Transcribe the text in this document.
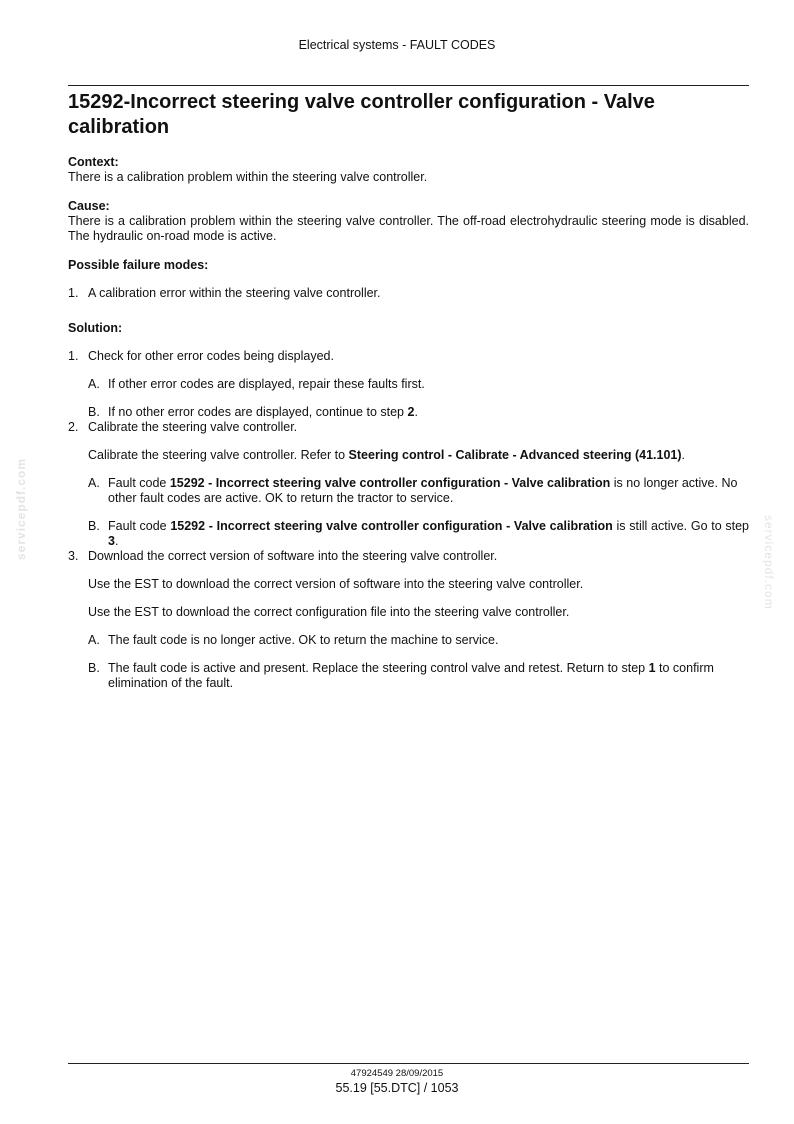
Electrical systems - FAULT CODES
15292-Incorrect steering valve controller configuration - Valve calibration
Context:
There is a calibration problem within the steering valve controller.
Cause:
There is a calibration problem within the steering valve controller. The off-road electrohydraulic steering mode is disabled. The hydraulic on-road mode is active.
Possible failure modes:
1. A calibration error within the steering valve controller.
Solution:
1. Check for other error codes being displayed.
A. If other error codes are displayed, repair these faults first.
B. If no other error codes are displayed, continue to step 2.
2. Calibrate the steering valve controller.
Calibrate the steering valve controller. Refer to Steering control - Calibrate - Advanced steering (41.101).
A. Fault code 15292 - Incorrect steering valve controller configuration - Valve calibration is no longer active. No other fault codes are active. OK to return the tractor to service.
B. Fault code 15292 - Incorrect steering valve controller configuration - Valve calibration is still active. Go to step 3.
3. Download the correct version of software into the steering valve controller.
Use the EST to download the correct version of software into the steering valve controller.
Use the EST to download the correct configuration file into the steering valve controller.
A. The fault code is no longer active. OK to return the machine to service.
B. The fault code is active and present. Replace the steering control valve and retest. Return to step 1 to confirm elimination of the fault.
servicepdf.com
servicepdf.com
47924549 28/09/2015
55.19 [55.DTC] / 1053
